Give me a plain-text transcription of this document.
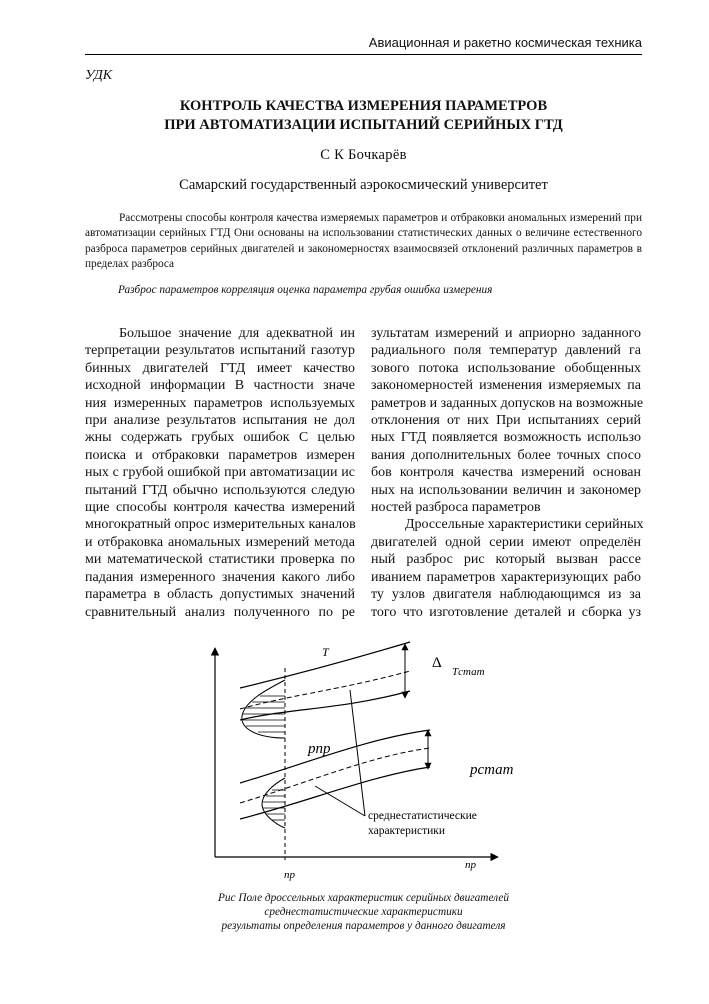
Авиационная и ракетно космическая техника
УДК
КОНТРОЛЬ КАЧЕСТВА ИЗМЕРЕНИЯ ПАРАМЕТРОВ
ПРИ АВТОМАТИЗАЦИИ ИСПЫТАНИЙ СЕРИЙНЫХ ГТД
С К Бочкарёв
Самарский государственный аэрокосмический университет

Рассмотрены способы контроля качества измеряемых параметров и отбраковки аномальных измерений при автоматизации серийных ГТД Они основаны на использовании статистических данных о величине естественного разброса параметров серийных двигателей и закономерностях взаимосвязей отклонений различных параметров в пределах разброса

Разброс параметров корреляция оценка параметра грубая ошибка измерения
Большое значение для адекватной ин
терпретации результатов испытаний газотур
бинных двигателей ГТД имеет качество
исходной информации В частности значе
ния измеренных параметров используемых
при анализе результатов испытания не дол
жны содержать грубых ошибок С целью
поиска и отбраковки параметров измерен
ных с грубой ошибкой при автоматизации ис
пытаний ГТД обычно используются следую
щие способы контроля качества измерений
многократный опрос измерительных каналов
и отбраковка аномальных измерений метода
ми математической статистики проверка по
падания измеренного значения какого либо
параметра в область допустимых значений
сравнительный анализ полученного по ре
зультатам измерений и априорно заданного
радиального поля температур давлений га
зового потока использование обобщенных
закономерностей изменения измеряемых па
раметров и заданных допусков на возможные
отклонения от них При испытаниях серий
ных ГТД появляется возможность использо
вания дополнительных более точных спосо
бов контроля качества измерений основан
ных на использовании величин и закономер
ностей разброса параметров
Дроссельные характеристики серийных
двигателей одной серии имеют определён
ный разброс рис который вызван рассе
иванием параметров характеризующих рабо
ту узлов двигателя наблюдающимся из за
того что изготовление деталей и сборка уз
T
Δ
Tстат
pпр
pстат
среднестатистические
характеристики
пр
пр
Рис Поле дроссельных характеристик серийных двигателей
среднестатистические характеристики
результаты определения параметров у данного двигателя
